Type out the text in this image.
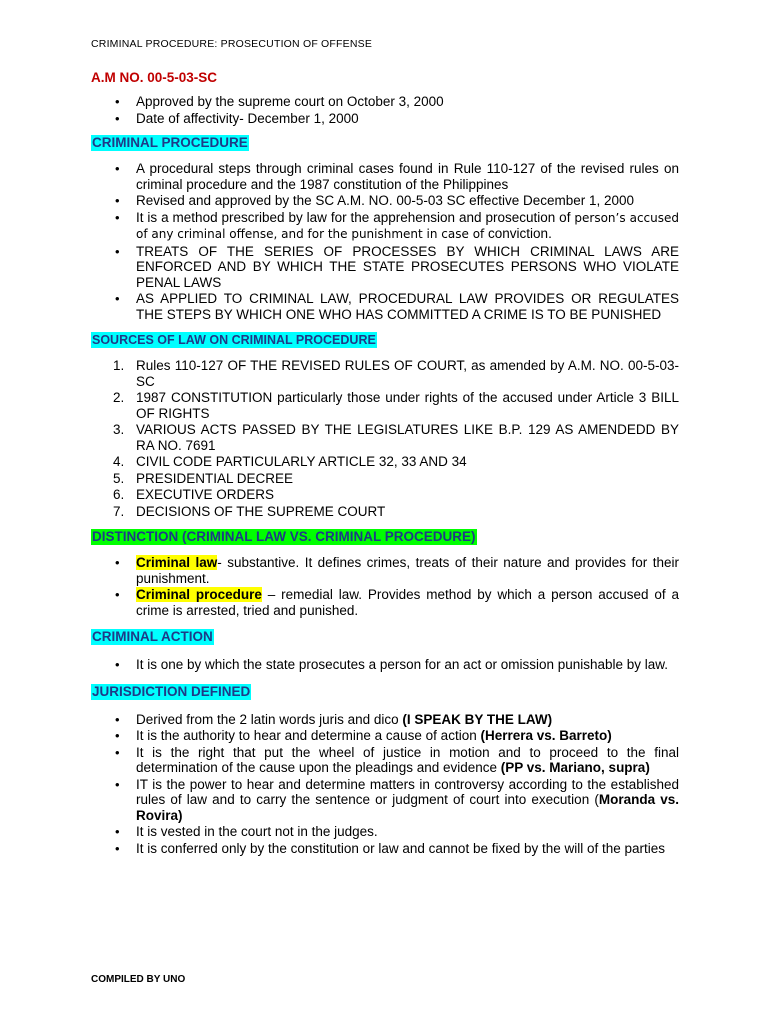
CRIMINAL PROCEDURE: PROSECUTION OF OFFENSE
A.M NO. 00-5-03-SC
• Approved by the supreme court on October 3, 2000
• Date of affectivity- December 1, 2000
CRIMINAL PROCEDURE
• A procedural steps through criminal cases found in Rule 110-127 of the revised rules on criminal procedure and the 1987 constitution of the Philippines
• Revised and approved by the SC A.M. NO. 00-5-03 SC effective December 1, 2000
• It is a method prescribed by law for the apprehension and prosecution of person’s accused of any criminal offense, and for the punishment in case of conviction.
• TREATS OF THE SERIES OF PROCESSES BY WHICH CRIMINAL LAWS ARE ENFORCED AND BY WHICH THE STATE PROSECUTES PERSONS WHO VIOLATE PENAL LAWS
• AS APPLIED TO CRIMINAL LAW, PROCEDURAL LAW PROVIDES OR REGULATES THE STEPS BY WHICH ONE WHO HAS COMMITTED A CRIME IS TO BE PUNISHED
SOURCES OF LAW ON CRIMINAL PROCEDURE
1. Rules 110-127 OF THE REVISED RULES OF COURT, as amended by A.M. NO. 00-5-03-SC
2. 1987 CONSTITUTION particularly those under rights of the accused under Article 3 BILL OF RIGHTS
3. VARIOUS ACTS PASSED BY THE LEGISLATURES LIKE B.P. 129 AS AMENDEDD BY RA NO. 7691
4. CIVIL CODE PARTICULARLY ARTICLE 32, 33 AND 34
5. PRESIDENTIAL DECREE
6. EXECUTIVE ORDERS
7. DECISIONS OF THE SUPREME COURT
DISTINCTION (CRIMINAL LAW VS. CRIMINAL PROCEDURE)
• Criminal law- substantive. It defines crimes, treats of their nature and provides for their punishment.
• Criminal procedure – remedial law. Provides method by which a person accused of a crime is arrested, tried and punished.
CRIMINAL ACTION
• It is one by which the state prosecutes a person for an act or omission punishable by law.
JURISDICTION DEFINED
• Derived from the 2 latin words juris and dico (I SPEAK BY THE LAW)
• It is the authority to hear and determine a cause of action (Herrera vs. Barreto)
• It is the right that put the wheel of justice in motion and to proceed to the final determination of the cause upon the pleadings and evidence (PP vs. Mariano, supra)
• IT is the power to hear and determine matters in controversy according to the established rules of law and to carry the sentence or judgment of court into execution (Moranda vs. Rovira)
• It is vested in the court not in the judges.
• It is conferred only by the constitution or law and cannot be fixed by the will of the parties
COMPILED BY UNO
